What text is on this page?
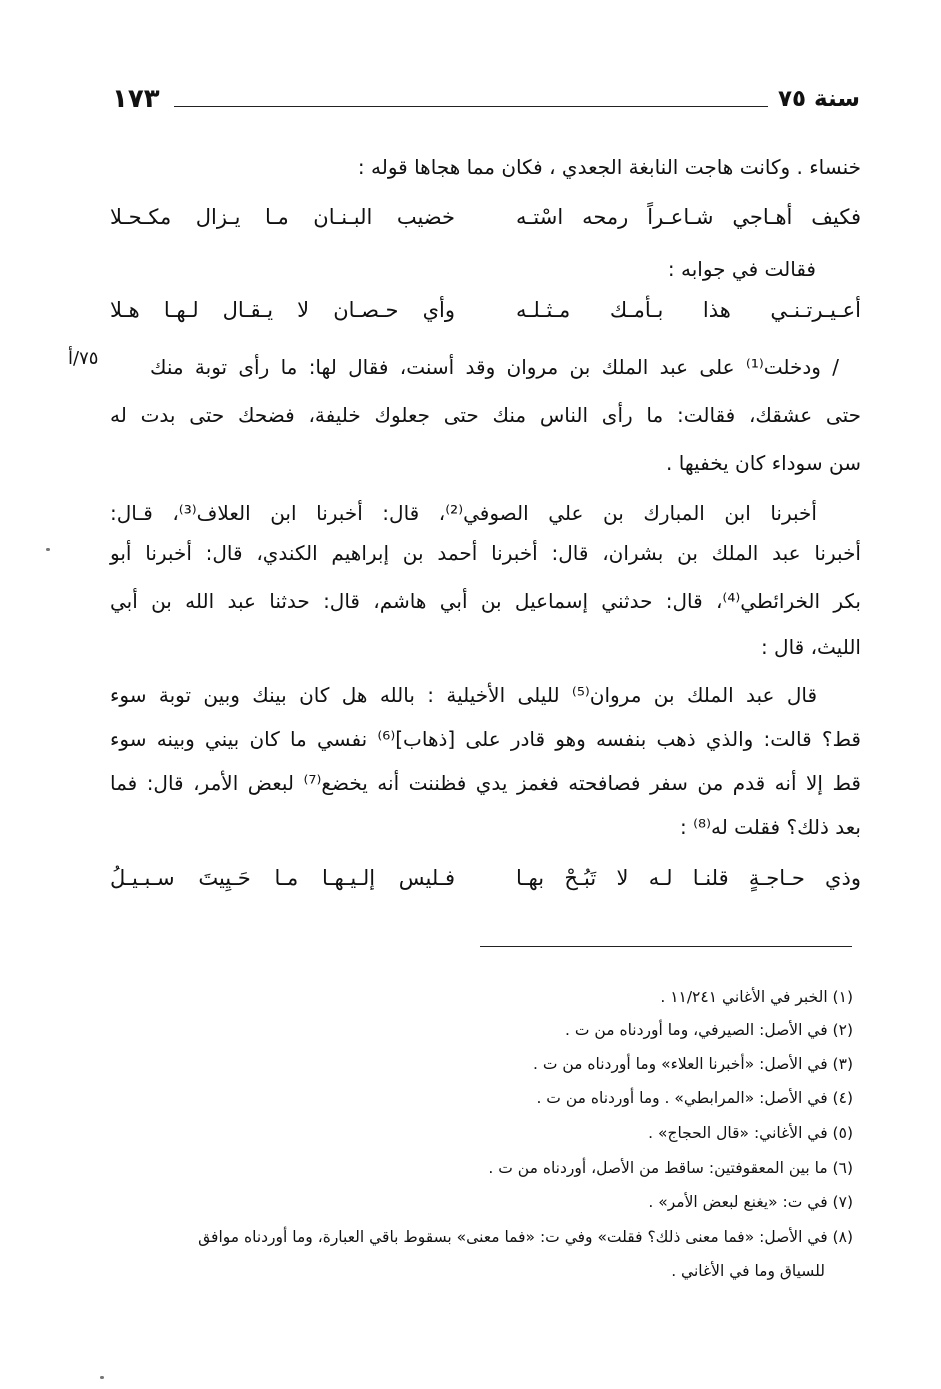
سنة ٧٥
١٧٣
خنساء . وكانت هاجت النابغة الجعدي ، فكان مما هجاها قوله :
فكيف أهـاجي شـاعـراً رمحه اسْتـه
خضيب البـنـان مـا يـزال مكـحـلا
فقالت في جوابه :
أعـيـرتـنـي هذا بـأمـك مـثـلـه
وأي حـصـان لا يـقـال لـهـا هـلا
٧٥/أ	/ ودخلت⁽¹⁾ على عبد الملك بن مروان وقد أسنت، فقال لها: ما رأى توبة منك
حتى عشقك، فقالت: ما رأى الناس منك حتى جعلوك خليفة، فضحك حتى بدت له
سن سوداء كان يخفيها .
أخبرنا ابن المبارك بن علي الصوفي⁽²⁾، قال: أخبرنا ابن العلاف⁽³⁾، قـال:
أخبرنا عبد الملك بن بشران، قال: أخبرنا أحمد بن إبراهيم الكندي، قال: أخبرنا أبو
بكر الخرائطي⁽⁴⁾، قال: حدثني إسماعيل بن أبي هاشم، قال: حدثنا عبد الله بن أبي
الليث، قال :
قال عبد الملك بن مروان⁽⁵⁾ لليلى الأخيلية : بالله هل كان بينك وبين توبة سوء
قط؟ قالت: والذي ذهب بنفسه وهو قادر على [ذهاب]⁽⁶⁾ نفسي ما كان بيني وبينه سوء
قط إلا أنه قدم من سفر فصافحته فغمز يدي فظننت أنه يخضع⁽⁷⁾ لبعض الأمر، قال: فما
بعد ذلك؟ فقلت له⁽⁸⁾ :
وذي حـاجـةٍ قلنـا لـه لا تَبُـحْ بهـا
فـليس إلـيـهـا مـا حَـيِيتَ سـبـيـلُ
(١) الخبر في الأغاني ١١/٢٤١ .
(٢) في الأصل: الصيرفي، وما أوردناه من ت .
(٣) في الأصل: «أخبرنا العلاء» وما أوردناه من ت .
(٤) في الأصل: «المرابطي» . وما أوردناه من ت .
(٥) في الأغاني: «قال الحجاج» .
(٦) ما بين المعقوفتين: ساقط من الأصل، أوردناه من ت .
(٧) في ت: «يغنع لبعض الأمر» .
(٨) في الأصل: «فما معنى ذلك؟ فقلت» وفي ت: «فما معنى» بسقوط باقي العبارة، وما أوردناه موافق
للسياق وما في الأغاني .
